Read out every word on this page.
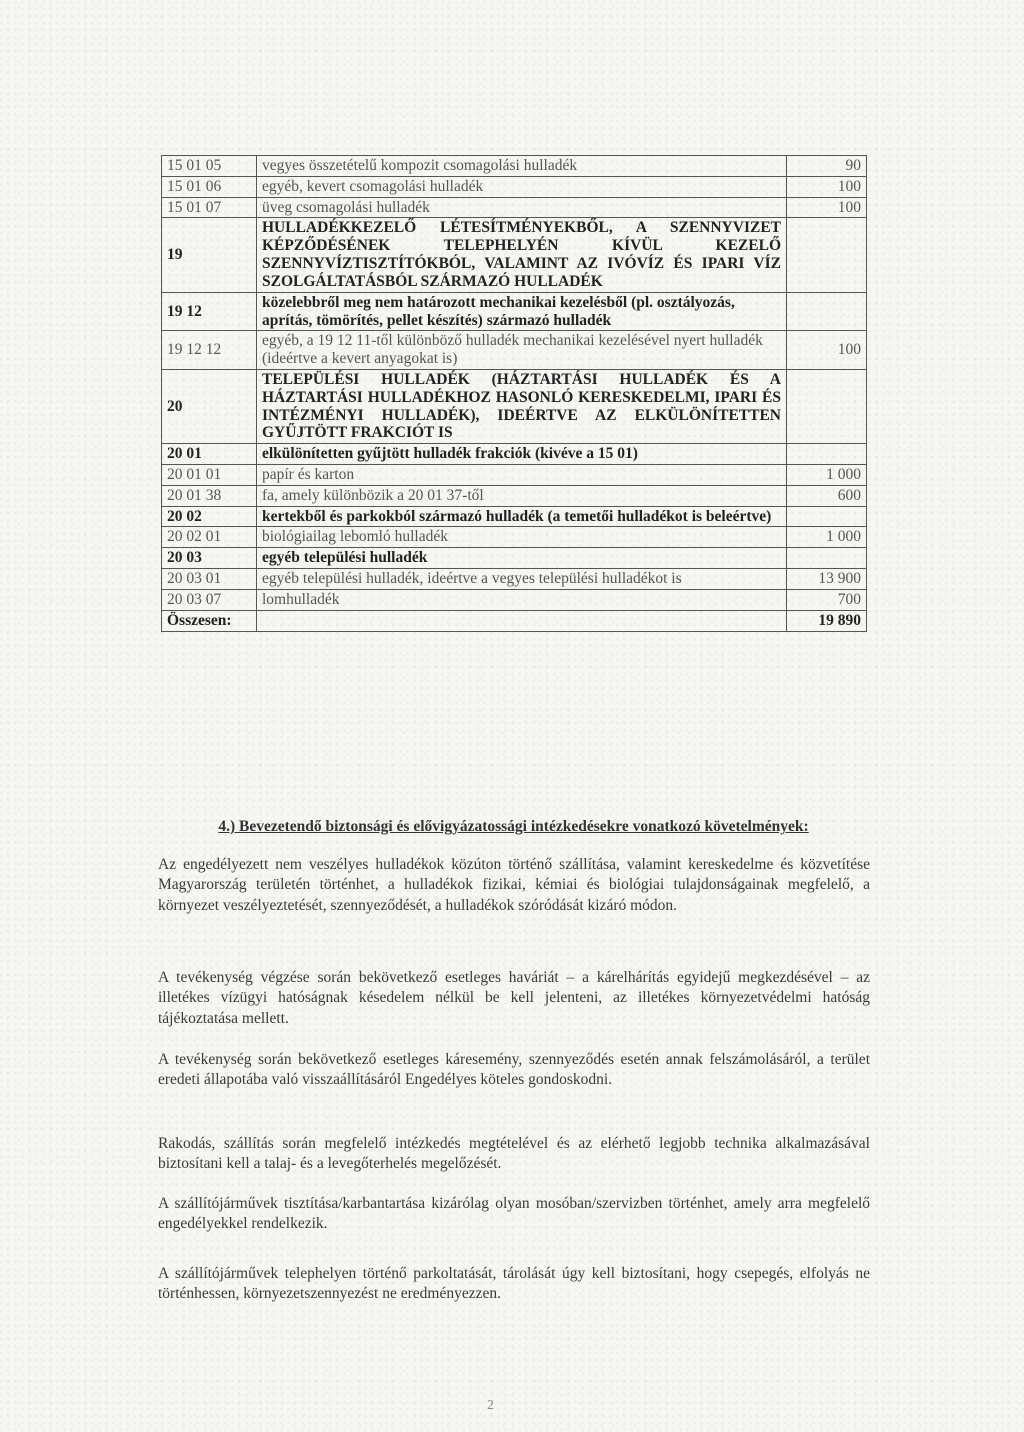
15 01 05	vegyes összetételű kompozit csomagolási hulladék	90
15 01 06	egyéb, kevert csomagolási hulladék	100
15 01 07	üveg csomagolási hulladék	100
19	HULLADÉKKEZELŐ LÉTESÍTMÉNYEKBŐL, A SZENNYVIZET KÉPZŐDÉSÉNEK TELEPHELYÉN KÍVÜL KEZELŐ SZENNYVÍZTISZTÍTÓKBÓL, VALAMINT AZ IVÓVÍZ ÉS IPARI VÍZ SZOLGÁLTATÁSBÓL SZÁRMAZÓ HULLADÉK	
19 12	közelebbről meg nem határozott mechanikai kezelésből (pl. osztályozás, aprítás, tömörítés, pellet készítés) származó hulladék	
19 12 12	egyéb, a 19 12 11-től különböző hulladék mechanikai kezelésével nyert hulladék (ideértve a kevert anyagokat is)	100
20	TELEPÜLÉSI HULLADÉK (HÁZTARTÁSI HULLADÉK ÉS A HÁZTARTÁSI HULLADÉKHOZ HASONLÓ KERESKEDELMI, IPARI ÉS INTÉZMÉNYI HULLADÉK), IDEÉRTVE AZ ELKÜLÖNÍTETTEN GYŰJTÖTT FRAKCIÓT IS	
20 01	elkülönítetten gyűjtött hulladék frakciók (kivéve a 15 01)	
20 01 01	papír és karton	1 000
20 01 38	fa, amely különbözik a 20 01 37-től	600
20 02	kertekből és parkokból származó hulladék (a temetői hulladékot is beleértve)	
20 02 01	biológiailag lebomló hulladék	1 000
20 03	egyéb települési hulladék	
20 03 01	egyéb települési hulladék, ideértve a vegyes települési hulladékot is	13 900
20 03 07	lomhulladék	700
Összesen:		19 890
4.) Bevezetendő biztonsági és elővigyázatossági intézkedésekre vonatkozó követelmények:
Az engedélyezett nem veszélyes hulladékok közúton történő szállítása, valamint kereskedelme és közvetítése Magyarország területén történhet, a hulladékok fizikai, kémiai és biológiai tulajdonságainak megfelelő, a környezet veszélyeztetését, szennyeződését, a hulladékok szóródását kizáró módon.
A tevékenység végzése során bekövetkező esetleges haváriát – a kárelhárítás egyidejű megkezdésével – az illetékes vízügyi hatóságnak késedelem nélkül be kell jelenteni, az illetékes környezetvédelmi hatóság tájékoztatása mellett.
A tevékenység során bekövetkező esetleges káresemény, szennyeződés esetén annak felszámolásáról, a terület eredeti állapotába való visszaállításáról Engedélyes köteles gondoskodni.
Rakodás, szállítás során megfelelő intézkedés megtételével és az elérhető legjobb technika alkalmazásával biztosítani kell a talaj- és a levegőterhelés megelőzését.
A szállítójárművek tisztítása/karbantartása kizárólag olyan mosóban/szervizben történhet, amely arra megfelelő engedélyekkel rendelkezik.
A szállítójárművek telephelyen történő parkoltatását, tárolását úgy kell biztosítani, hogy csepegés, elfolyás ne történhessen, környezetszennyezést ne eredményezzen.
2
